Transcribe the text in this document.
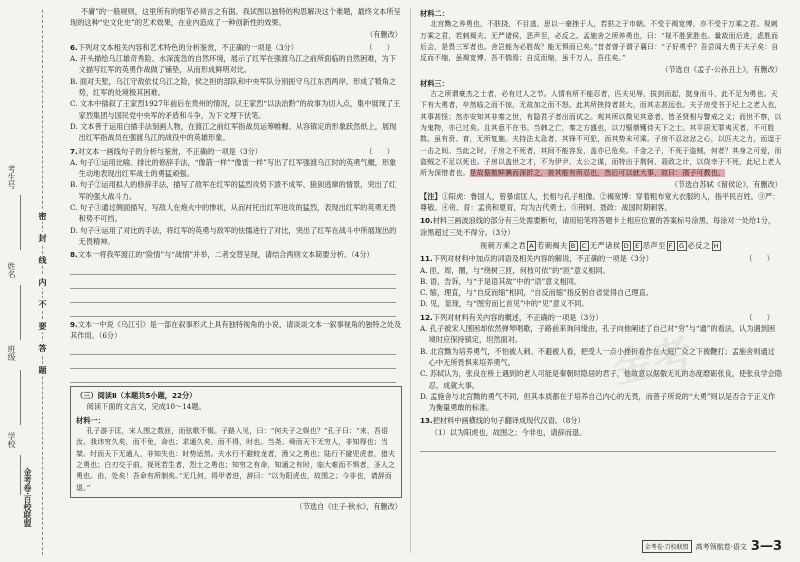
考生号
姓名
班级
学校
金考卷·百校联盟
密
封
线
内
不
要
答
题

不庸”的一般规则，这里所有的细节必须言之有据。我试图以独特的构思解决这个难题，最终文本所呈现的这种“史文化史”的艺术效果，在业内造成了一种创新性的效果。

（有删改）

6.下列对文本相关内容和艺术特色的分析鉴赏，不正确的一项是（3分）	（　　）

A. 开头描绘乌江雄奇秀险、水深流急的自然环境，展示了红军在强渡乌江之前所面临的自然困难，为下文描写红军的英勇作战做了铺垫，从而形成鲜明对比。

B. 面对天堑，乌江守敌依仗乌江之险，侯之担的部队和中央军队分别扼守乌江东西两岸，形成了犄角之势，红军的处境极其困难。

C. 文本中插叙了王家烈1927年前后在贵州的情况，以王家烈“以法治黔”的故事为切入点，集中展现了王家烈集团与国民党中央军的矛盾和斗争，为下文埋下伏笔。

D. 文本善于运用白描手法刻画人物，在渡江之前红军指战员运筹帷幄、从容镇定的形象跃然纸上，展现出红军指战员在强渡乌江的战役中的英雄形象。

7.对文本一画线句子的分析与鉴赏，不正确的一项是（3分）	（　　）

A. 句子①运用比喻、排比的修辞手法，“像箭一样”“像雷一样”写出了红军强渡乌江时的英勇气概，形象生动地表现出红军战士的勇猛顽强。

B. 句子②运用拟人的修辞手法，描写了敌军在红军的猛烈攻势下溃不成军、狼狈逃窜的情景，突出了红军的强大战斗力。

C. 句子③通过侧面描写，写敌人在炮火中的惨状，从而衬托出红军进攻的猛烈，表现出红军的英勇无畏和势不可挡。

D. 句子④运用了对比的手法，将红军的英勇与敌军的怯懦进行了对比，突出了红军在战斗中所展现出的无畏精神。

8.文本一将我军渡江的“险情”与“战情”并举，二者交替呈现，请结合两则文本简要分析。（4分）

9.文本一中说《乌江引》是一部在叙事形式上具有独特视角的小说，请谈谈文本一叙事视角的独特之处及其作用。（6分）

（三）阅读Ⅱ（本题共5小题，22分）

阅读下面的文言文，完成10～14题。

材料一：

孔子游于匡，宋人围之数匝，而弦歌不惙。子路入见，曰：“何夫子之娱也？”孔子曰：“来，吾语汝。我讳穷久矣，而不免，命也；求通久矣，而不得，时也。当尧、舜而天下无穷人，非知得也；当桀、纣而天下无通人，非知失也：时势适然。夫水行不避蛟龙者，渔父之勇也；陆行不避兕虎者，猎夫之勇也；白刃交于前，视死若生者，烈士之勇也；知穷之有命，知通之有时，临大难而不惧者，圣人之勇也。由，处矣！吾命有所制矣。”无几何，将甲者进，辞曰：“以为阳虎也，故围之；今非也，请辞而退。”

（节选自《庄子·秋水》，有删改）

材料二：

北宫黝之养勇也，不肤挠，不目逃，思以一豪挫于人，若挞之于市朝。不受于褐宽博，亦不受于万乘之君。视刺万乘之君，若刺褐夫。无严诸侯，恶声至，必反之。孟施舍之所养勇也，曰：“视不胜犹胜也。量敌而后进，虑胜而后会，是畏三军者也。舍岂能为必胜哉？能无惧而已矣。”昔者曾子谓子襄曰：“子好勇乎？吾尝闻大勇于夫子矣：自反而不缩，虽褐宽博，吾不惴焉；自反而缩，虽千万人，吾往矣。”

（节选自《孟子·公孙丑上》，有删改）

材料三：

古之所谓豪杰之士者，必有过人之节。人情有所不能忍者，匹夫见辱，拔剑而起，挺身而斗，此不足为勇也。天下有大勇者，卒然临之而不惊，无故加之而不怒。此其所挟持者甚大，而其志甚远也。夫子房受书于圮上之老人也，其事甚怪；然亦安知其非秦之世，有隐君子者出而试之。观其所以微见其意者，皆圣贤相与警戒之义；而世不察，以为鬼物，亦已过矣。且其意不在书。当韩之亡，秦之方盛也，以刀锯鼎镬待天下之士。其平居无罪夷灭者，不可胜数。虽有贲、育，无所复施。夫持法太急者，其锋不可犯，而其势未可乘。子房不忍忿忿之心，以匹夫之力，而逞于一击之间。当此之时，子房之不死者，其间不能容发，盖亦已危矣。千金之子，不死于盗贼，何者？其身之可爱，而盗贼之不足以死也。子房以盖世之才，不为伊尹、太公之谋，而特出于荆轲、聂政之计，以侥幸于不死，此圮上老人所为深惜者也。是故倨傲鲜腆而深折之，彼其能有所忍也，然后可以就大事，故曰：孺子可教也。

（节选自苏轼《留侯论》，有删改）

【注】①阳虎：鲁国人，曾暴虐匡人，长相与孔子相像。②褐宽博：穿着粗布宽大衣服的人，指平民百姓。③严：尊敬。④贲、育：孟贲和夏育，均为古代勇士。⑤荆轲、聂政：战国时期刺客。

10.材料三画波浪线的部分有三处需要断句，请用铅笔将答题卡上相应位置的答案标号涂黑，每涂对一处给1分，涂黑超过三处不得分。（3分）

视刺万乘之君 A 若刺褐夫 B C 无严诸侯 D E 恶声至 F G 必反之 H

11.下列对材料中加点的词语及相关内容的解说，不正确的一项是（3分）	（　　）

A. 匝，周，圈，与“绕树三匝，何枝可依”的“匝”意义相同。

B. 语，告诉，与“于是语其故”中的“语”意义相同。

C. 缩，理直，与“自反而缩”相同，“自反而缩”指反躬自省觉得自己理直。

D. 见，显现，与“图穷而匕首见”中的“见”意义不同。

12.下列对材料有关内容的概述，不正确的一项是（3分）	（　　）

A. 孔子被宋人围困却依然弹琴唱歌，子路前来询问缘由，孔子向他阐述了自己对“穷”与“通”的看法，认为遇到困境时应保持镇定，坦然面对。

B. 北宫黝为培养勇气，不怕被人刺、不避被人看，把受人一点小挫折看作在大庭广众之下被鞭打；孟施舍则通过心中无所畏惧来培养勇气。

C. 苏轼认为，张良在桥上遇到的老人可能是秦朝时隐居的君子，他故意以倨傲无礼的态度磨砺张良，使张良学会隐忍，成就大事。

D. 孟施舍与北宫黝的勇气不同，但其本质都在于培养自己内心的无畏，而曾子所说的“大勇”则以是否合于正义作为衡量勇敢的标准。

13.把材料中画横线的句子翻译成现代汉语。（8分）

（1）以为阳虎也，故围之；今非也，请辞而退。

金考
金考卷·百校联盟	高考领航卷·语文 3—3
